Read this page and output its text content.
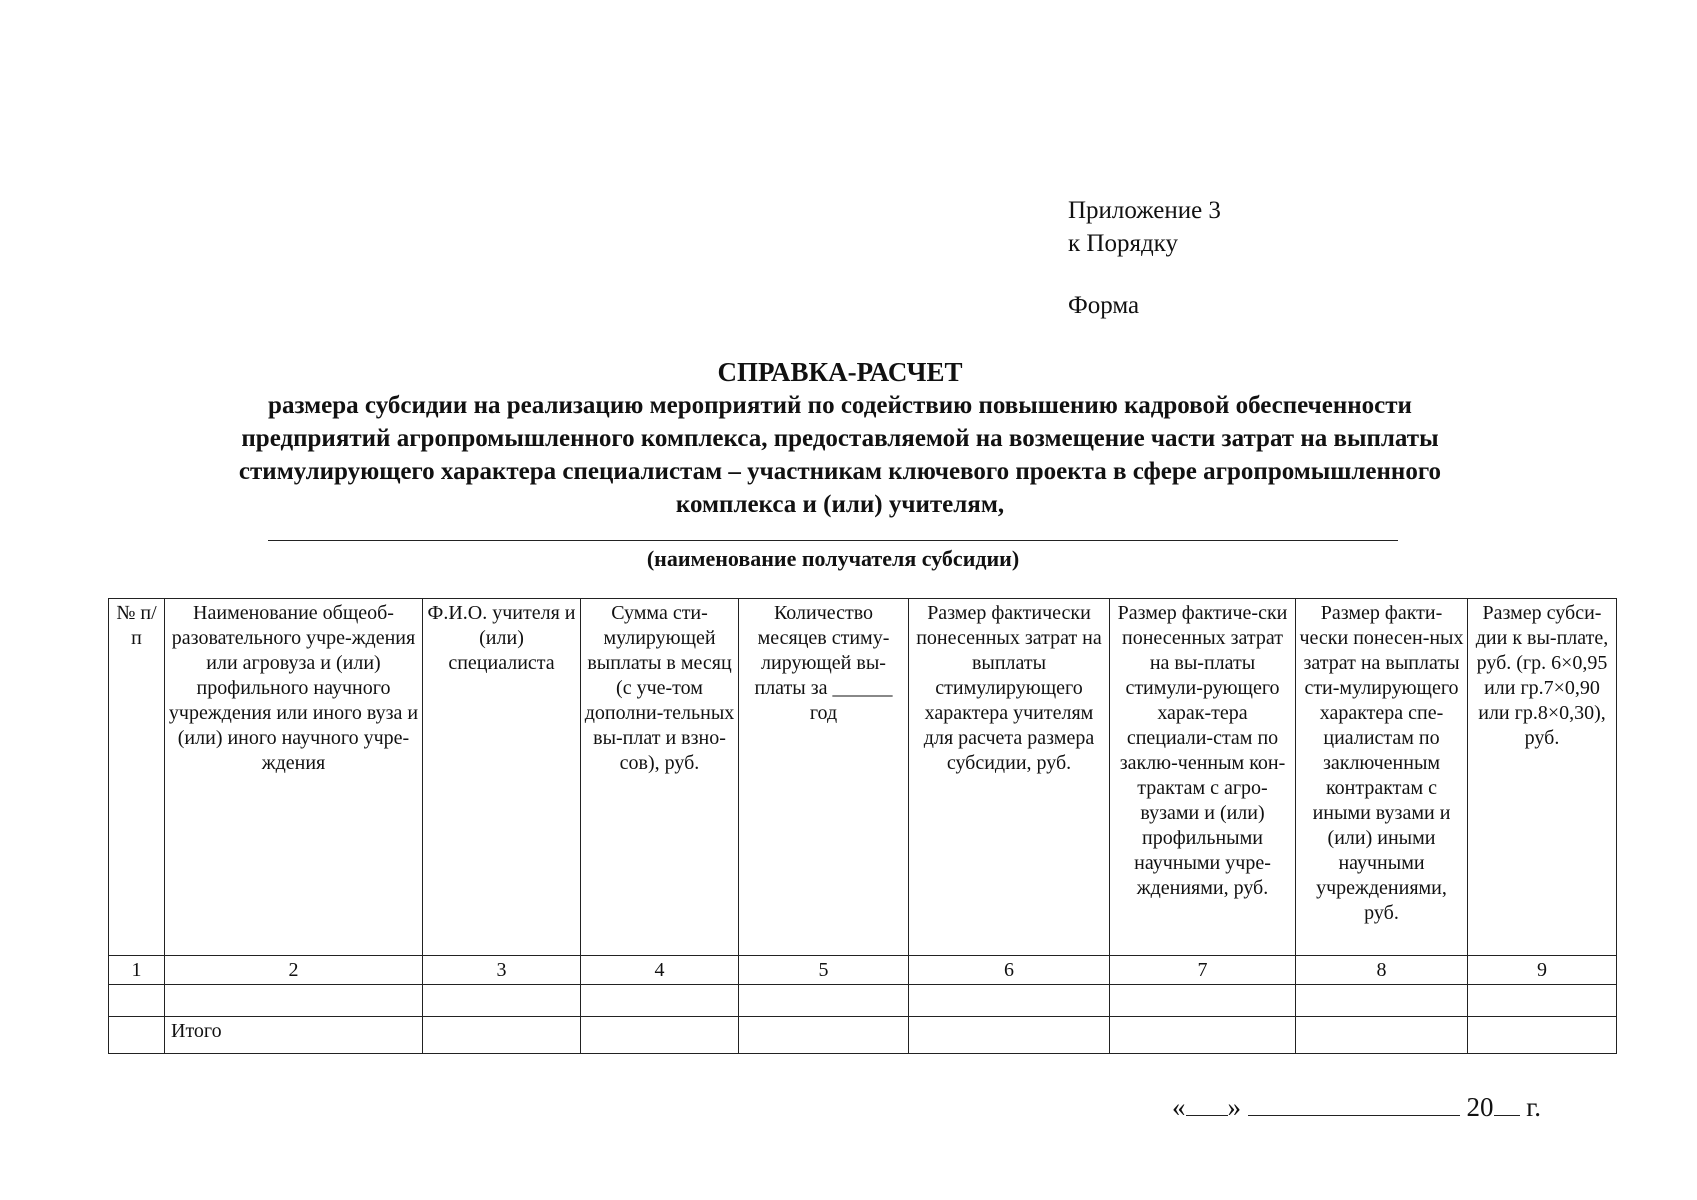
Приложение 3
к Порядку
Форма
СПРАВКА-РАСЧЕТ
размера субсидии на реализацию мероприятий по содействию повышению кадровой обеспеченности
предприятий агропромышленного комплекса, предоставляемой на возмещение части затрат на выплаты
стимулирующего характера специалистам – участникам ключевого проекта в сфере агропромышленного
комплекса и (или) учителям,
(наименование получателя субсидии)
№ п/п	Наименование общеоб-разовательного учре-ждения или агровуза и (или) профильного научного учреждения или иного вуза и (или) иного научного учре-ждения	Ф.И.О. учителя и (или) специалиста	Сумма сти-мулирующей выплаты в месяц (с уче-том дополни-тельных вы-плат и взно-сов), руб.	Количество месяцев стиму-лирующей вы-платы за ______ год	Размер фактически понесенных затрат на выплаты стимулирующего характера учителям для расчета размера субсидии, руб.	Размер фактиче-ски понесенных затрат на вы-платы стимули-рующего харак-тера специали-стам по заклю-ченным кон-трактам с агро-вузами и (или) профильными научными учре-ждениями, руб.	Размер факти-чески понесен-ных затрат на выплаты сти-мулирующего характера спе-циалистам по заключенным контрактам с иными вузами и (или) иными научными учреждениями, руб.	Размер субси-дии к вы-плате, руб. (гр. 6×0,95 или гр.7×0,90 или гр.8×0,30), руб.
1	2	3	4	5	6	7	8	9

	Итого							
« »	20 г.
